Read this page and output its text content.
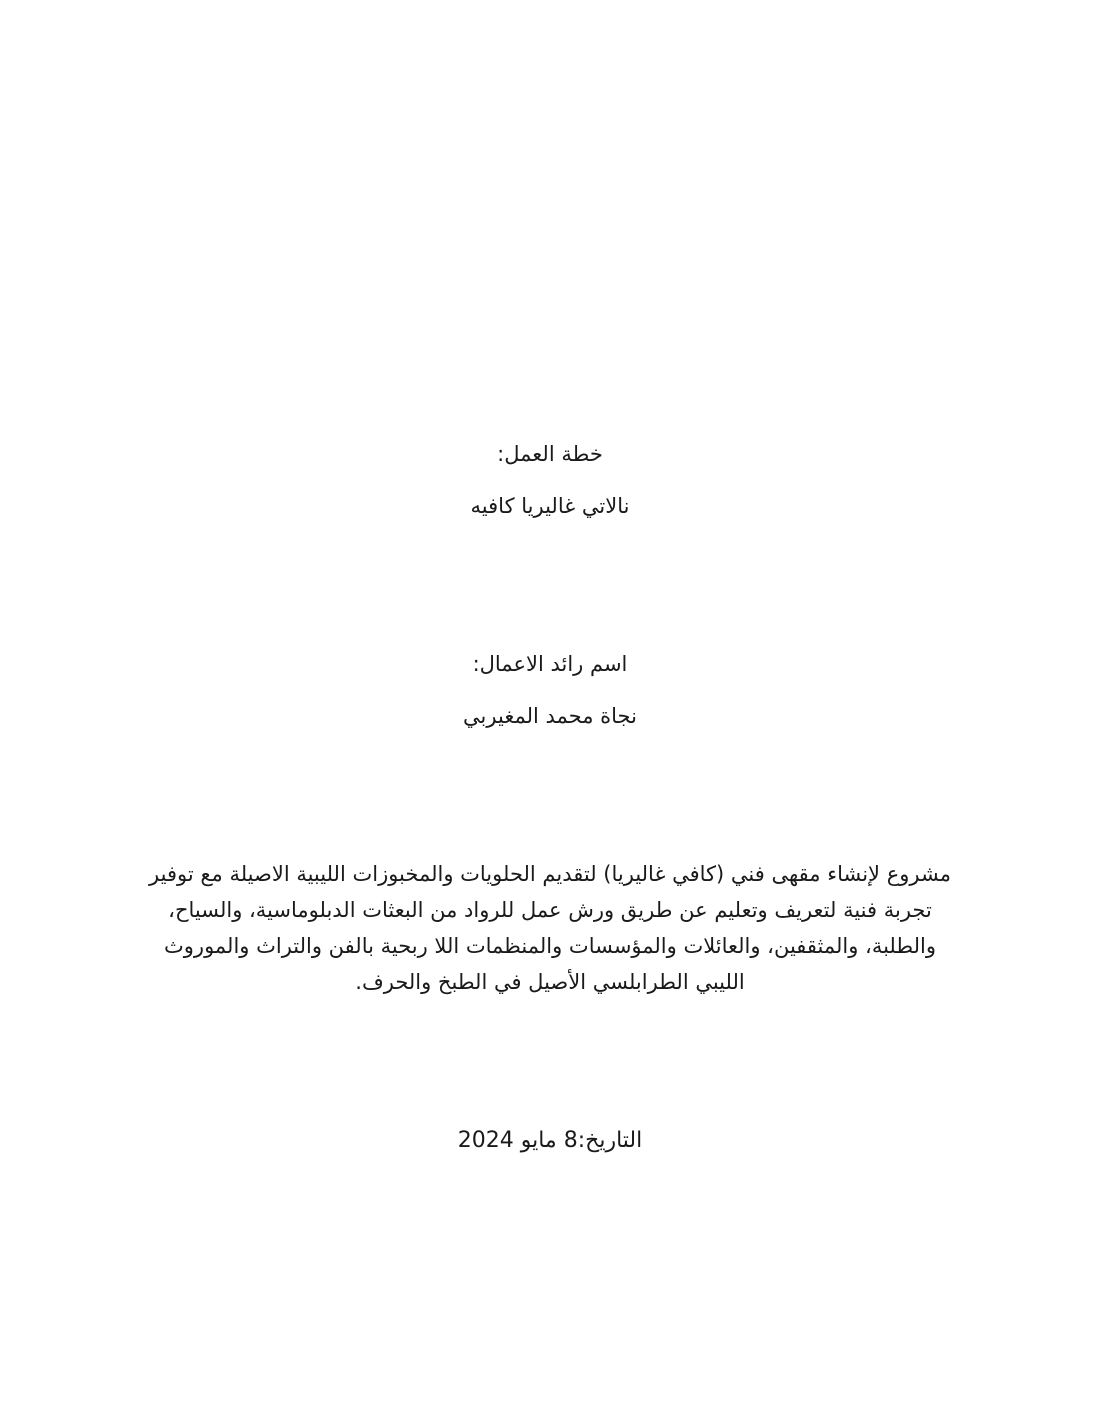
خطة العمل:
نالاتي غاليريا كافيه
اسم رائد الاعمال:
نجاة محمد المغيربي
مشروع لإنشاء مقهى فني (كافي غاليريا) لتقديم الحلويات والمخبوزات الليبية الاصيلة مع توفير تجربة فنية لتعريف وتعليم عن طريق ورش عمل للرواد من البعثات الدبلوماسية، والسياح، والطلبة، والمثقفين، والعائلات والمؤسسات والمنظمات اللا ربحية بالفن والتراث والموروث الليبي الطرابلسي الأصيل في الطبخ والحرف.
التاريخ:8 مايو 2024
